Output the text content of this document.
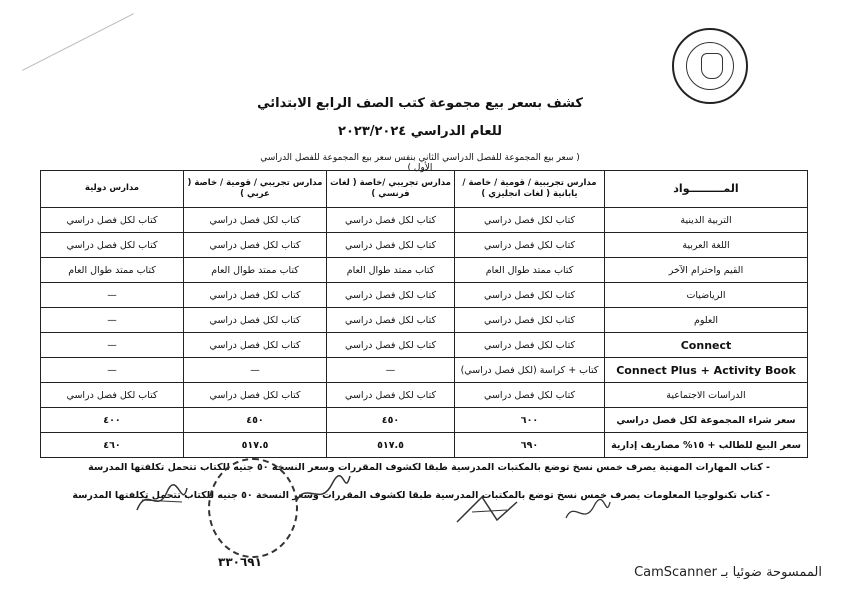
كشف بسعر بيع مجموعة كتب الصف الرابع الابتدائي
للعام الدراسي ٢٠٢٣/٢٠٢٤
( سعر بيع المجموعة للفصل الدراسي الثاني بنفس سعر بيع المجموعة للفصل الدراسي الأول )
المـــــــــواد	مدارس تجريبية / قومية / خاصة / يابانية ( لغات انجليزي )	مدارس تجريبي /خاصة ( لغات فرنسي )	مدارس تجريبي / قومية / خاصة ( عربي )	مدارس دولية
التربية الدينية	كتاب لكل فصل دراسي	كتاب لكل فصل دراسي	كتاب لكل فصل دراسي	كتاب لكل فصل دراسي
اللغة العربية	كتاب لكل فصل دراسي	كتاب لكل فصل دراسي	كتاب لكل فصل دراسي	كتاب لكل فصل دراسي
القيم واحترام الآخر	كتاب ممتد طوال العام	كتاب ممتد طوال العام	كتاب ممتد طوال العام	كتاب ممتد طوال العام
الرياضيات	كتاب لكل فصل دراسي	كتاب لكل فصل دراسي	كتاب لكل فصل دراسي	—
العلوم	كتاب لكل فصل دراسي	كتاب لكل فصل دراسي	كتاب لكل فصل دراسي	—
Connect	كتاب لكل فصل دراسي	كتاب لكل فصل دراسي	كتاب لكل فصل دراسي	—
Connect Plus + Activity Book	كتاب + كراسة (لكل فصل دراسي)	—	—	—
الدراسات الاجتماعية	كتاب لكل فصل دراسي	كتاب لكل فصل دراسي	كتاب لكل فصل دراسي	كتاب لكل فصل دراسي
سعر شراء المجموعة لكل فصل دراسي	٦٠٠	٤٥٠	٤٥٠	٤٠٠
سعر البيع للطالب + ١٥% مصاريف إدارية	٦٩٠	٥١٧.٥	٥١٧.٥	٤٦٠
- كتاب المهارات المهنية يصرف خمس نسخ توضع بالمكتبات المدرسية طبقا لكشوف المقررات وسعر النسخة ٥٠ جنيه للكتاب تتحمل تكلفتها المدرسة
- كتاب تكنولوجيا المعلومات يصرف خمس نسخ توضع بالمكتبات المدرسية طبقا لكشوف المقررات وسعر النسخة ٥٠ جنيه للكتاب تتحمل تكلفتها المدرسة
٣٣٠٦٩١
الممسوحة ضوئيا بـ CamScanner
